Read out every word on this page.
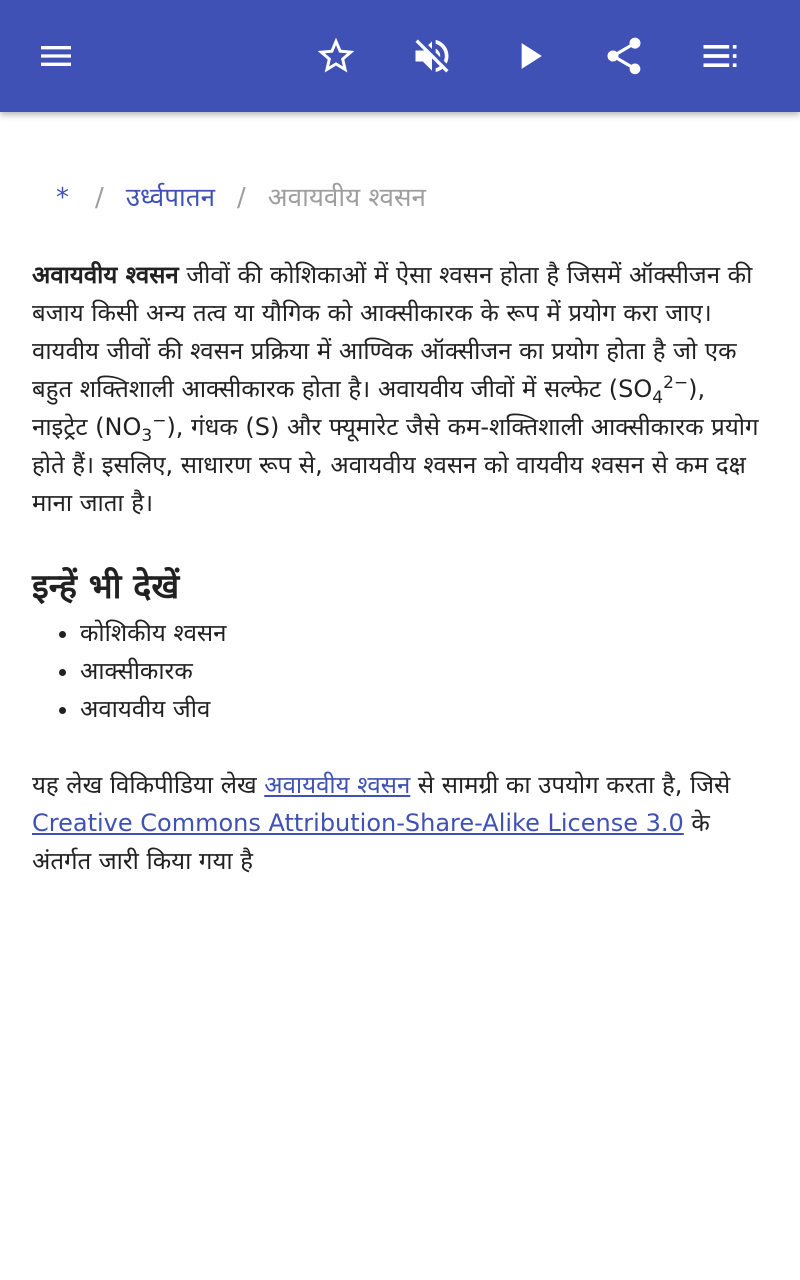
* / उर्ध्वपातन / अवायवीय श्वसन

अवायवीय श्वसन जीवों की कोशिकाओं में ऐसा श्वसन होता है जिसमें ऑक्सीजन की बजाय किसी अन्य तत्व या यौगिक को आक्सीकारक के रूप में प्रयोग करा जाए। वायवीय जीवों की श्वसन प्रक्रिया में आण्विक ऑक्सीजन का प्रयोग होता है जो एक बहुत शक्तिशाली आक्सीकारक होता है। अवायवीय जीवों में सल्फेट $(SO_4^{2-})$, नाइट्रेट $(NO_3^-)$, गंधक (S) और फ्यूमारेट जैसे कम-शक्तिशाली आक्सीकारक प्रयोग होते हैं। इसलिए, साधारण रूप से, अवायवीय श्वसन को वायवीय श्वसन से कम दक्ष माना जाता है।

इन्हें भी देखें
• कोशिकीय श्वसन
• आक्सीकारक
• अवायवीय जीव

यह लेख विकिपीडिया लेख अवायवीय श्वसन से सामग्री का उपयोग करता है, जिसे Creative Commons Attribution-Share-Alike License 3.0 के अंतर्गत जारी किया गया है
